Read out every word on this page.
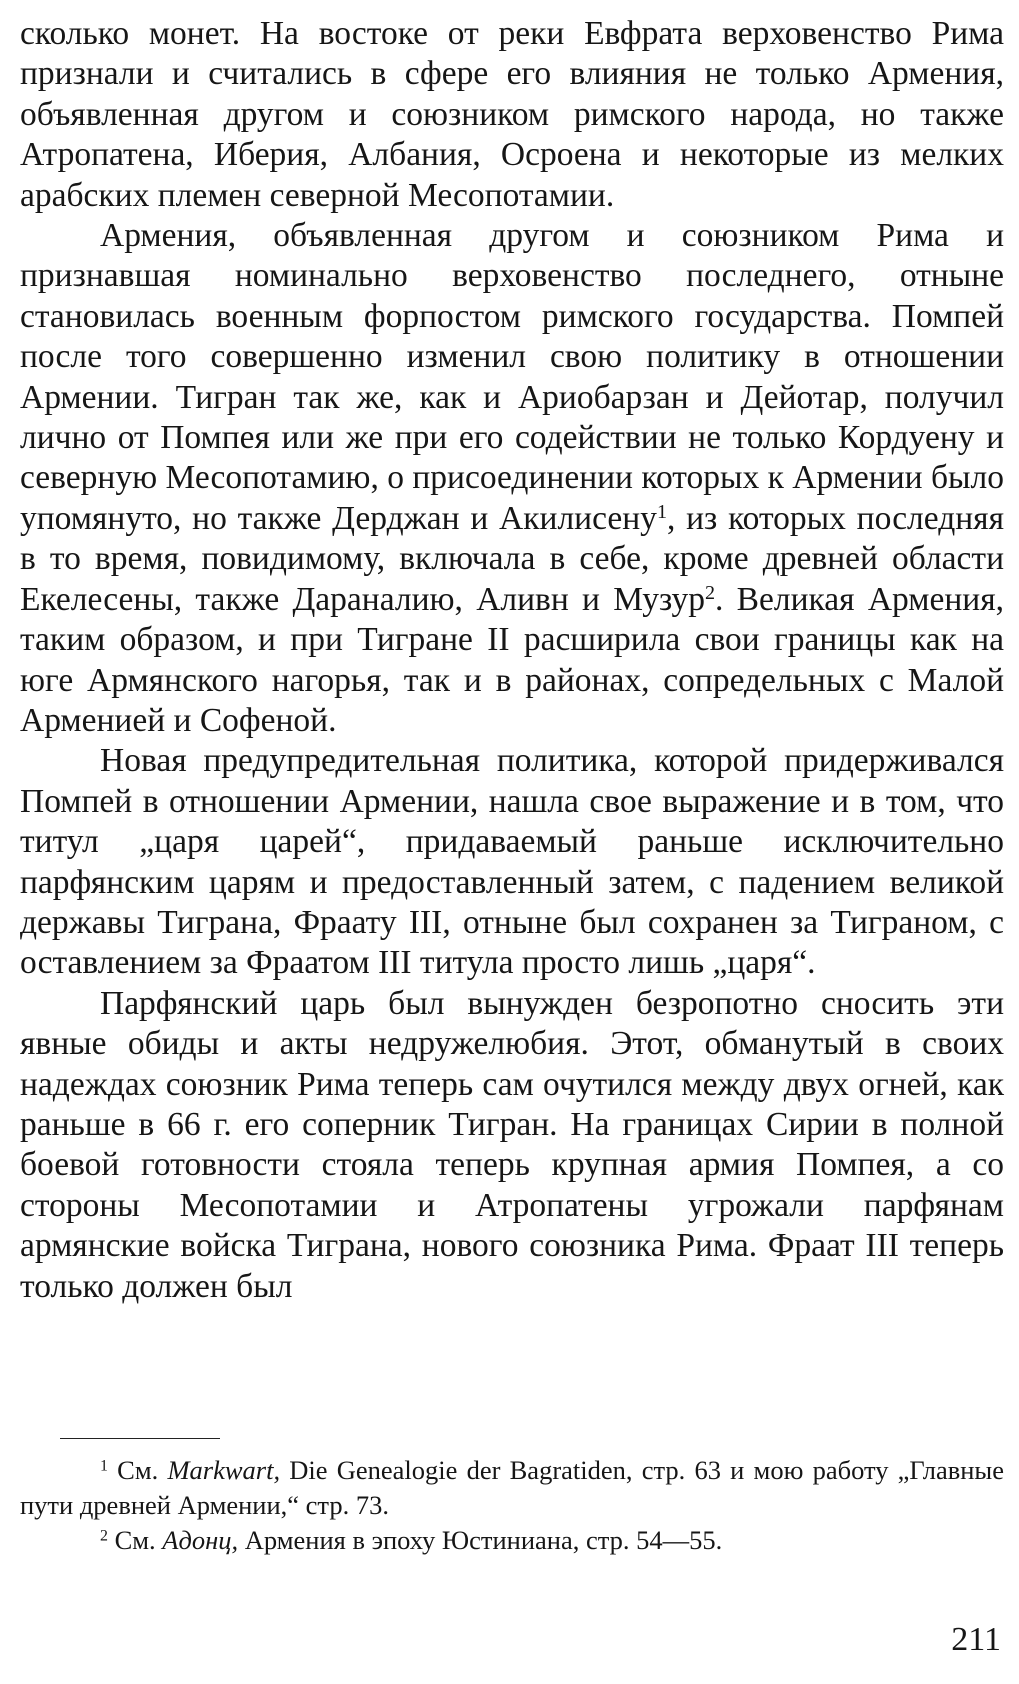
сколько монет. На востоке от реки Евфрата верховенство Рима признали и считались в сфере его влияния не только Армения, объявленная другом и союзником римского народа, но также Атропатена, Иберия, Албания, Осроена и некоторые из мелких арабских племен северной Месопотамии.

Армения, объявленная другом и союзником Рима и признавшая номинально верховенство последнего, отныне становилась военным форпостом римского государства. Помпей после того совершенно изменил свою политику в отношении Армении. Тигран так же, как и Ариобарзан и Дейотар, получил лично от Помпея или же при его содействии не только Кордуену и северную Месопотамию, о присоединении которых к Армении было упомянуто, но также Дерджан и Акилисену$^1$, из которых последняя в то время, повидимому, включала в себе, кроме древней области Екелесены, также Дараналию, Аливн и Музур$^2$. Великая Армения, таким образом, и при Тигране II расширила свои границы как на юге Армянского нагорья, так и в районах, сопредельных с Малой Арменией и Софеной.

Новая предупредительная политика, которой придерживался Помпей в отношении Армении, нашла свое выражение и в том, что титул „царя царей“, придаваемый раньше исключительно парфянским царям и предоставленный затем, с падением великой державы Тиграна, Фраату III, отныне был сохранен за Тиграном, с оставлением за Фраатом III титула просто лишь „царя“.

Парфянский царь был вынужден безропотно сносить эти явные обиды и акты недружелюбия. Этот, обманутый в своих надеждах союзник Рима теперь сам очутился между двух огней, как раньше в 66 г. его соперник Тигран. На границах Сирии в полной боевой готовности стояла теперь крупная армия Помпея, а со стороны Месопотамии и Атропатены угрожали парфянам армянские войска Тиграна, нового союзника Рима. Фраат III теперь только должен был

$^1$ См. Markwart, Die Genealogie der Bagratiden, стр. 63 и мою работу „Главные пути древней Армении,“ стр. 73.

$^2$ См. Адонц, Армения в эпоху Юстиниана, стр. 54—55.

211
